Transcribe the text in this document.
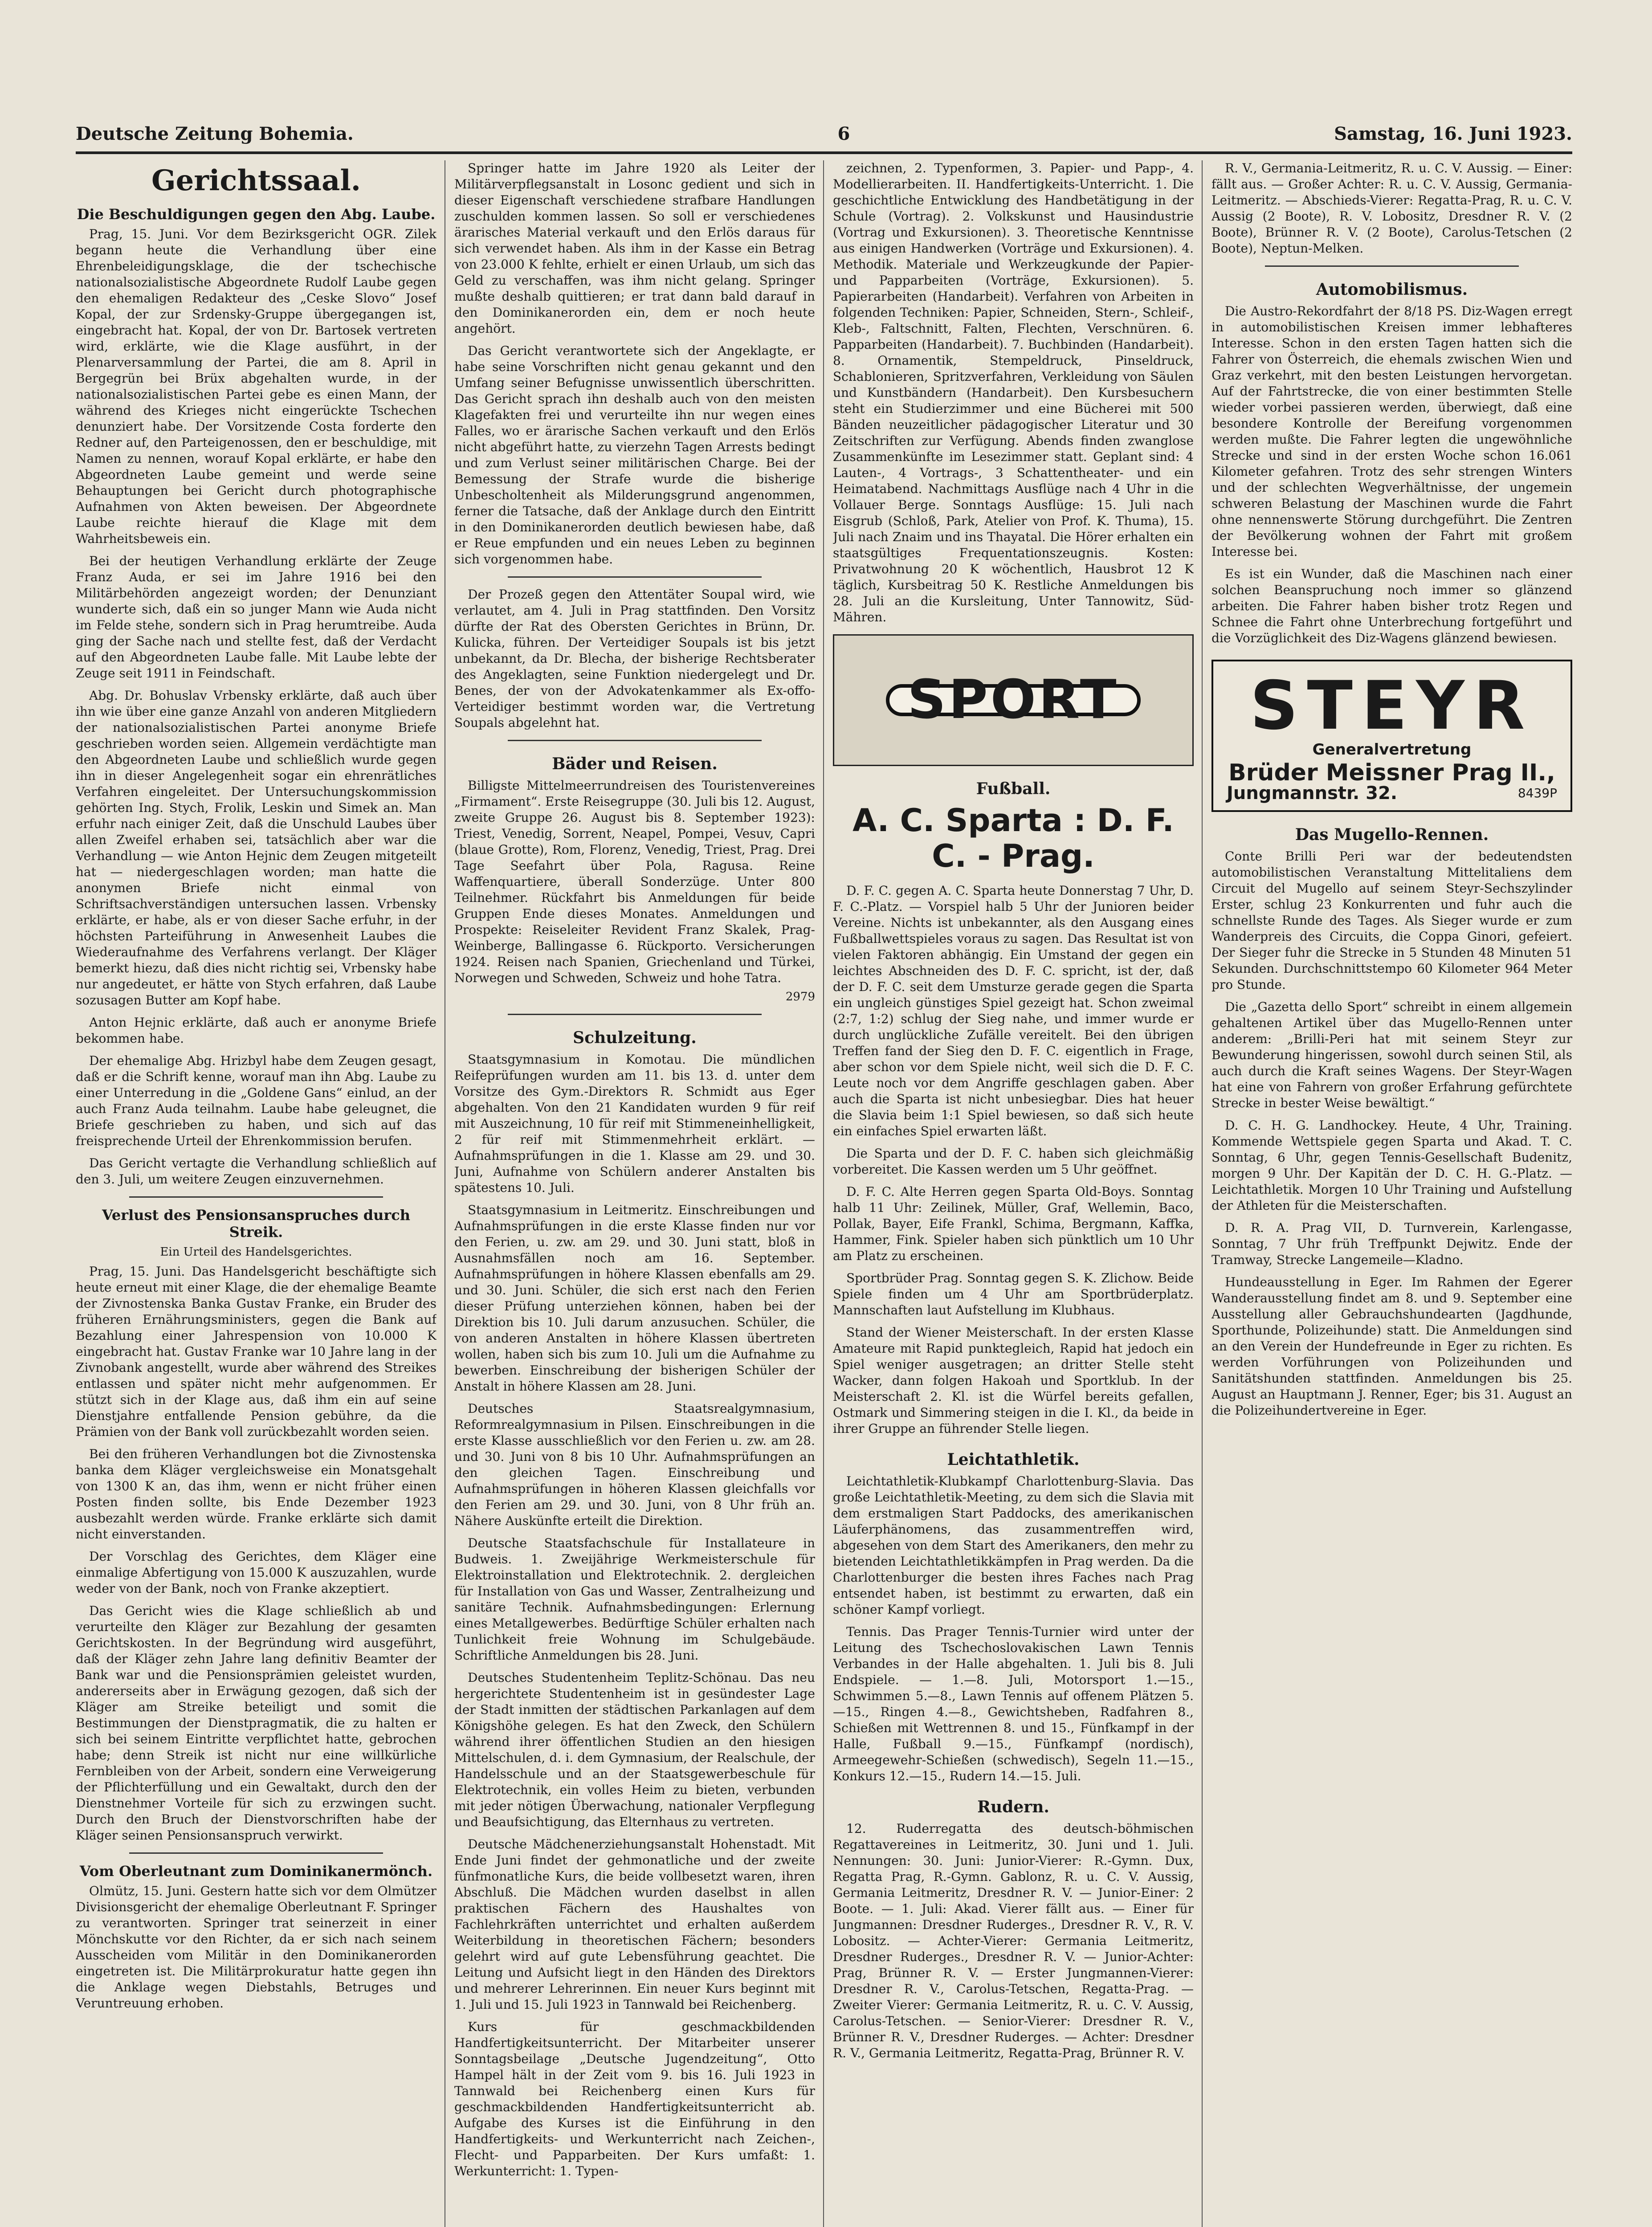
Deutsche Zeitung Bohemia.	6	Samstag, 16. Juni 1923.
Gerichtssaal.
Die Beschuldigungen gegen den Abg. Laube.

Prag, 15. Juni. Vor dem Bezirksgericht OGR. Zilek begann heute die Verhandlung über eine Ehrenbeleidigungsklage, die der tschechische nationalsozialistische Abgeordnete Rudolf Laube gegen den ehemaligen Redakteur des „Ceske Slovo“ Josef Kopal, der zur Srdensky-Gruppe übergegangen ist, eingebracht hat. Kopal, der von Dr. Bartosek vertreten wird, erklärte, wie die Klage ausführt, in der Plenarversammlung der Partei, die am 8. April in Bergegrün bei Brüx abgehalten wurde, in der nationalsozialistischen Partei gebe es einen Mann, der während des Krieges nicht eingerückte Tschechen denunziert habe. Der Vorsitzende Costa forderte den Redner auf, den Parteigenossen, den er beschuldige, mit Namen zu nennen, worauf Kopal erklärte, er habe den Abgeordneten Laube gemeint und werde seine Behauptungen bei Gericht durch photographische Aufnahmen von Akten beweisen. Der Abgeordnete Laube reichte hierauf die Klage mit dem Wahrheitsbeweis ein.

Bei der heutigen Verhandlung erklärte der Zeuge Franz Auda, er sei im Jahre 1916 bei den Militärbehörden angezeigt worden; der Denunziant wunderte sich, daß ein so junger Mann wie Auda nicht im Felde stehe, sondern sich in Prag herumtreibe. Auda ging der Sache nach und stellte fest, daß der Verdacht auf den Abgeordneten Laube falle. Mit Laube lebte der Zeuge seit 1911 in Feindschaft.

Abg. Dr. Bohuslav Vrbensky erklärte, daß auch über ihn wie über eine ganze Anzahl von anderen Mitgliedern der nationalsozialistischen Partei anonyme Briefe geschrieben worden seien. Allgemein verdächtigte man den Abgeordneten Laube und schließlich wurde gegen ihn in dieser Angelegenheit sogar ein ehrenrätliches Verfahren eingeleitet. Der Untersuchungskommission gehörten Ing. Stych, Frolik, Leskin und Simek an. Man erfuhr nach einiger Zeit, daß die Unschuld Laubes über allen Zweifel erhaben sei, tatsächlich aber war die Verhandlung — wie Anton Hejnic dem Zeugen mitgeteilt hat — niedergeschlagen worden; man hatte die anonymen Briefe nicht einmal von Schriftsachverständigen untersuchen lassen. Vrbensky erklärte, er habe, als er von dieser Sache erfuhr, in der höchsten Parteiführung in Anwesenheit Laubes die Wiederaufnahme des Verfahrens verlangt. Der Kläger bemerkt hiezu, daß dies nicht richtig sei, Vrbensky habe nur angedeutet, er hätte von Stych erfahren, daß Laube sozusagen Butter am Kopf habe.

Anton Hejnic erklärte, daß auch er anonyme Briefe bekommen habe.

Der ehemalige Abg. Hrizbyl habe dem Zeugen gesagt, daß er die Schrift kenne, worauf man ihn Abg. Laube zu einer Unterredung in die „Goldene Gans“ einlud, an der auch Franz Auda teilnahm. Laube habe geleugnet, die Briefe geschrieben zu haben, und sich auf das freisprechende Urteil der Ehrenkommission berufen.

Das Gericht vertagte die Verhandlung schließlich auf den 3. Juli, um weitere Zeugen einzuvernehmen.

Verlust des Pensionsanspruches durch Streik.
Ein Urteil des Handelsgerichtes.

Prag, 15. Juni. Das Handelsgericht beschäftigte sich heute erneut mit einer Klage, die der ehemalige Beamte der Zivnostenska Banka Gustav Franke, ein Bruder des früheren Ernährungsministers, gegen die Bank auf Bezahlung einer Jahrespension von 10.000 K eingebracht hat. Gustav Franke war 10 Jahre lang in der Zivnobank angestellt, wurde aber während des Streikes entlassen und später nicht mehr aufgenommen. Er stützt sich in der Klage aus, daß ihm ein auf seine Dienstjahre entfallende Pension gebühre, da die Prämien von der Bank voll zurückbezahlt worden seien.

Bei den früheren Verhandlungen bot die Zivnostenska banka dem Kläger vergleichsweise ein Monatsgehalt von 1300 K an, das ihm, wenn er nicht früher einen Posten finden sollte, bis Ende Dezember 1923 ausbezahlt werden würde. Franke erklärte sich damit nicht einverstanden.

Der Vorschlag des Gerichtes, dem Kläger eine einmalige Abfertigung von 15.000 K auszuzahlen, wurde weder von der Bank, noch von Franke akzeptiert.

Das Gericht wies die Klage schließlich ab und verurteilte den Kläger zur Bezahlung der gesamten Gerichtskosten. In der Begründung wird ausgeführt, daß der Kläger zehn Jahre lang definitiv Beamter der Bank war und die Pensionsprämien geleistet wurden, andererseits aber in Erwägung gezogen, daß sich der Kläger am Streike beteiligt und somit die Bestimmungen der Dienstpragmatik, die zu halten er sich bei seinem Eintritte verpflichtet hatte, gebrochen habe; denn Streik ist nicht nur eine willkürliche Fernbleiben von der Arbeit, sondern eine Verweigerung der Pflichterfüllung und ein Gewaltakt, durch den der Dienstnehmer Vorteile für sich zu erzwingen sucht. Durch den Bruch der Dienstvorschriften habe der Kläger seinen Pensionsanspruch verwirkt.

Vom Oberleutnant zum Dominikanermönch.

Olmütz, 15. Juni. Gestern hatte sich vor dem Olmützer Divisionsgericht der ehemalige Oberleutnant F. Springer zu verantworten. Springer trat seinerzeit in einer Mönchskutte vor den Richter, da er sich nach seinem Ausscheiden vom Militär in den Dominikanerorden eingetreten ist. Die Militärprokuratur hatte gegen ihn die Anklage wegen Diebstahls, Betruges und Veruntreuung erhoben.

Springer hatte im Jahre 1920 als Leiter der Militärverpflegsanstalt in Losonc gedient und sich in dieser Eigenschaft verschiedene strafbare Handlungen zuschulden kommen lassen. So soll er verschiedenes ärarisches Material verkauft und den Erlös daraus für sich verwendet haben. Als ihm in der Kasse ein Betrag von 23.000 K fehlte, erhielt er einen Urlaub, um sich das Geld zu verschaffen, was ihm nicht gelang. Springer mußte deshalb quittieren; er trat dann bald darauf in den Dominikanerorden ein, dem er noch heute angehört.

Das Gericht verantwortete sich der Angeklagte, er habe seine Vorschriften nicht genau gekannt und den Umfang seiner Befugnisse unwissentlich überschritten. Das Gericht sprach ihn deshalb auch von den meisten Klagefakten frei und verurteilte ihn nur wegen eines Falles, wo er ärarische Sachen verkauft und den Erlös nicht abgeführt hatte, zu vierzehn Tagen Arrests bedingt und zum Verlust seiner militärischen Charge. Bei der Bemessung der Strafe wurde die bisherige Unbescholtenheit als Milderungsgrund angenommen, ferner die Tatsache, daß der Anklage durch den Eintritt in den Dominikanerorden deutlich bewiesen habe, daß er Reue empfunden und ein neues Leben zu beginnen sich vorgenommen habe.

Der Prozeß gegen den Attentäter Soupal wird, wie verlautet, am 4. Juli in Prag stattfinden. Den Vorsitz dürfte der Rat des Obersten Gerichtes in Brünn, Dr. Kulicka, führen. Der Verteidiger Soupals ist bis jetzt unbekannt, da Dr. Blecha, der bisherige Rechtsberater des Angeklagten, seine Funktion niedergelegt und Dr. Benes, der von der Advokatenkammer als Ex-offo-Verteidiger bestimmt worden war, die Vertretung Soupals abgelehnt hat.

Bäder und Reisen.

Billigste Mittelmeerrundreisen des Touristenvereines „Firmament“. Erste Reisegruppe (30. Juli bis 12. August, zweite Gruppe 26. August bis 8. September 1923): Triest, Venedig, Sorrent, Neapel, Pompei, Vesuv, Capri (blaue Grotte), Rom, Florenz, Venedig, Triest, Prag. Drei Tage Seefahrt über Pola, Ragusa. Reine Waffenquartiere, überall Sonderzüge. Unter 800 Teilnehmer. Rückfahrt bis Anmeldungen für beide Gruppen Ende dieses Monates. Anmeldungen und Prospekte: Reiseleiter Revident Franz Skalek, Prag-Weinberge, Ballingasse 6. Rückporto. Versicherungen 1924. Reisen nach Spanien, Griechenland und Türkei, Norwegen und Schweden, Schweiz und hohe Tatra.

2979
Schulzeitung.

Staatsgymnasium in Komotau. Die mündlichen Reifeprüfungen wurden am 11. bis 13. d. unter dem Vorsitze des Gym.-Direktors R. Schmidt aus Eger abgehalten. Von den 21 Kandidaten wurden 9 für reif mit Auszeichnung, 10 für reif mit Stimmeneinhelligkeit, 2 für reif mit Stimmenmehrheit erklärt. — Aufnahmsprüfungen in die 1. Klasse am 29. und 30. Juni, Aufnahme von Schülern anderer Anstalten bis spätestens 10. Juli.

Staatsgymnasium in Leitmeritz. Einschreibungen und Aufnahmsprüfungen in die erste Klasse finden nur vor den Ferien, u. zw. am 29. und 30. Juni statt, bloß in Ausnahmsfällen noch am 16. September. Aufnahmsprüfungen in höhere Klassen ebenfalls am 29. und 30. Juni. Schüler, die sich erst nach den Ferien dieser Prüfung unterziehen können, haben bei der Direktion bis 10. Juli darum anzusuchen. Schüler, die von anderen Anstalten in höhere Klassen übertreten wollen, haben sich bis zum 10. Juli um die Aufnahme zu bewerben. Einschreibung der bisherigen Schüler der Anstalt in höhere Klassen am 28. Juni.

Deutsches Staatsrealgymnasium, Reformrealgymnasium in Pilsen. Einschreibungen in die erste Klasse ausschließlich vor den Ferien u. zw. am 28. und 30. Juni von 8 bis 10 Uhr. Aufnahmsprüfungen an den gleichen Tagen. Einschreibung und Aufnahmsprüfungen in höheren Klassen gleichfalls vor den Ferien am 29. und 30. Juni, von 8 Uhr früh an. Nähere Auskünfte erteilt die Direktion.

Deutsche Staatsfachschule für Installateure in Budweis. 1. Zweijährige Werkmeisterschule für Elektroinstallation und Elektrotechnik. 2. dergleichen für Installation von Gas und Wasser, Zentralheizung und sanitäre Technik. Aufnahmsbedingungen: Erlernung eines Metallgewerbes. Bedürftige Schüler erhalten nach Tunlichkeit freie Wohnung im Schulgebäude. Schriftliche Anmeldungen bis 28. Juni.

Deutsches Studentenheim Teplitz-Schönau. Das neu hergerichtete Studentenheim ist in gesündester Lage der Stadt inmitten der städtischen Parkanlagen auf dem Königshöhe gelegen. Es hat den Zweck, den Schülern während ihrer öffentlichen Studien an den hiesigen Mittelschulen, d. i. dem Gymnasium, der Realschule, der Handelsschule und an der Staatsgewerbeschule für Elektrotechnik, ein volles Heim zu bieten, verbunden mit jeder nötigen Überwachung, nationaler Verpflegung und Beaufsichtigung, das Elternhaus zu vertreten.

Deutsche Mädchenerziehungsanstalt Hohenstadt. Mit Ende Juni findet der gehmonatliche und der zweite fünfmonatliche Kurs, die beide vollbesetzt waren, ihren Abschluß. Die Mädchen wurden daselbst in allen praktischen Fächern des Haushaltes von Fachlehrkräften unterrichtet und erhalten außerdem Weiterbildung in theoretischen Fächern; besonders gelehrt wird auf gute Lebensführung geachtet. Die Leitung und Aufsicht liegt in den Händen des Direktors und mehrerer Lehrerinnen. Ein neuer Kurs beginnt mit 1. Juli und 15. Juli 1923 in Tannwald bei Reichenberg.

Kurs für geschmackbildenden Handfertigkeitsunterricht. Der Mitarbeiter unserer Sonntagsbeilage „Deutsche Jugendzeitung“, Otto Hampel hält in der Zeit vom 9. bis 16. Juli 1923 in Tannwald bei Reichenberg einen Kurs für geschmackbildenden Handfertigkeitsunterricht ab. Aufgabe des Kurses ist die Einführung in den Handfertigkeits- und Werkunterricht nach Zeichen-, Flecht- und Papparbeiten. Der Kurs umfaßt: 1. Werkunterricht: 1. Typen-

zeichnen, 2. Typenformen, 3. Papier- und Papp-, 4. Modellierarbeiten. II. Handfertigkeits-Unterricht. 1. Die geschichtliche Entwicklung des Handbetätigung in der Schule (Vortrag). 2. Volkskunst und Hausindustrie (Vortrag und Exkursionen). 3. Theoretische Kenntnisse aus einigen Handwerken (Vorträge und Exkursionen). 4. Methodik. Materiale und Werkzeugkunde der Papier- und Papparbeiten (Vorträge, Exkursionen). 5. Papierarbeiten (Handarbeit). Verfahren von Arbeiten in folgenden Techniken: Papier, Schneiden, Stern-, Schleif-, Kleb-, Faltschnitt, Falten, Flechten, Verschnüren. 6. Papparbeiten (Handarbeit). 7. Buchbinden (Handarbeit). 8. Ornamentik, Stempeldruck, Pinseldruck, Schablonieren, Spritzverfahren, Verkleidung von Säulen und Kunstbändern (Handarbeit). Den Kursbesuchern steht ein Studierzimmer und eine Bücherei mit 500 Bänden neuzeitlicher pädagogischer Literatur und 30 Zeitschriften zur Verfügung. Abends finden zwanglose Zusammenkünfte im Lesezimmer statt. Geplant sind: 4 Lauten-, 4 Vortrags-, 3 Schattentheater- und ein Heimatabend. Nachmittags Ausflüge nach 4 Uhr in die Vollauer Berge. Sonntags Ausflüge: 15. Juli nach Eisgrub (Schloß, Park, Atelier von Prof. K. Thuma), 15. Juli nach Znaim und ins Thayatal. Die Hörer erhalten ein staatsgültiges Frequentationszeugnis. Kosten: Privatwohnung 20 K wöchentlich, Hausbrot 12 K täglich, Kursbeitrag 50 K. Restliche Anmeldungen bis 28. Juli an die Kursleitung, Unter Tannowitz, Süd-Mähren.

SPORT
Fußball.
A. C. Sparta : D. F. C. - Prag.

D. F. C. gegen A. C. Sparta heute Donnerstag 7 Uhr, D. F. C.-Platz. — Vorspiel halb 5 Uhr der Junioren beider Vereine. Nichts ist unbekannter, als den Ausgang eines Fußballwettspieles voraus zu sagen. Das Resultat ist von vielen Faktoren abhängig. Ein Umstand der gegen ein leichtes Abschneiden des D. F. C. spricht, ist der, daß der D. F. C. seit dem Umsturze gerade gegen die Sparta ein ungleich günstiges Spiel gezeigt hat. Schon zweimal (2:7, 1:2) schlug der Sieg nahe, und immer wurde er durch unglückliche Zufälle vereitelt. Bei den übrigen Treffen fand der Sieg den D. F. C. eigentlich in Frage, aber schon vor dem Spiele nicht, weil sich die D. F. C. Leute noch vor dem Angriffe geschlagen gaben. Aber auch die Sparta ist nicht unbesiegbar. Dies hat heuer die Slavia beim 1:1 Spiel bewiesen, so daß sich heute ein einfaches Spiel erwarten läßt.

Die Sparta und der D. F. C. haben sich gleichmäßig vorbereitet. Die Kassen werden um 5 Uhr geöffnet.

D. F. C. Alte Herren gegen Sparta Old-Boys. Sonntag halb 11 Uhr: Zeilinek, Müller, Graf, Wellemin, Baco, Pollak, Bayer, Eife Frankl, Schima, Bergmann, Kaffka, Hammer, Fink. Spieler haben sich pünktlich um 10 Uhr am Platz zu erscheinen.

Sportbrüder Prag. Sonntag gegen S. K. Zlichow. Beide Spiele finden um 4 Uhr am Sportbrüderplatz. Mannschaften laut Aufstellung im Klubhaus.

Stand der Wiener Meisterschaft. In der ersten Klasse Amateure mit Rapid punktegleich, Rapid hat jedoch ein Spiel weniger ausgetragen; an dritter Stelle steht Wacker, dann folgen Hakoah und Sportklub. In der Meisterschaft 2. Kl. ist die Würfel bereits gefallen, Ostmark und Simmering steigen in die I. Kl., da beide in ihrer Gruppe an führender Stelle liegen.

Leichtathletik.

Leichtathletik-Klubkampf Charlottenburg-Slavia. Das große Leichtathletik-Meeting, zu dem sich die Slavia mit dem erstmaligen Start Paddocks, des amerikanischen Läuferphänomens, das zusammentreffen wird, abgesehen von dem Start des Amerikaners, den mehr zu bietenden Leichtathletikkämpfen in Prag werden. Da die Charlottenburger die besten ihres Faches nach Prag entsendet haben, ist bestimmt zu erwarten, daß ein schöner Kampf vorliegt.

Tennis. Das Prager Tennis-Turnier wird unter der Leitung des Tschechoslovakischen Lawn Tennis Verbandes in der Halle abgehalten. 1. Juli bis 8. Juli Endspiele. — 1.—8. Juli, Motorsport 1.—15., Schwimmen 5.—8., Lawn Tennis auf offenem Plätzen 5.—15., Ringen 4.—8., Gewichtsheben, Radfahren 8., Schießen mit Wettrennen 8. und 15., Fünfkampf in der Halle, Fußball 9.—15., Fünfkampf (nordisch), Armeegewehr-Schießen (schwedisch), Segeln 11.—15., Konkurs 12.—15., Rudern 14.—15. Juli.

Rudern.

12. Ruderregatta des deutsch-böhmischen Regattavereines in Leitmeritz, 30. Juni und 1. Juli. Nennungen: 30. Juni: Junior-Vierer: R.-Gymn. Dux, Regatta Prag, R.-Gymn. Gablonz, R. u. C. V. Aussig, Germania Leitmeritz, Dresdner R. V. — Junior-Einer: 2 Boote. — 1. Juli: Akad. Vierer fällt aus. — Einer für Jungmannen: Dresdner Ruderges., Dresdner R. V., R. V. Lobositz. — Achter-Vierer: Germania Leitmeritz, Dresdner Ruderges., Dresdner R. V. — Junior-Achter: Prag, Brünner R. V. — Erster Jungmannen-Vierer: Dresdner R. V., Carolus-Tetschen, Regatta-Prag. — Zweiter Vierer: Germania Leitmeritz, R. u. C. V. Aussig, Carolus-Tetschen. — Senior-Vierer: Dresdner R. V., Brünner R. V., Dresdner Ruderges. — Achter: Dresdner R. V., Germania Leitmeritz, Regatta-Prag, Brünner R. V.

R. V., Germania-Leitmeritz, R. u. C. V. Aussig. — Einer: fällt aus. — Großer Achter: R. u. C. V. Aussig, Germania-Leitmeritz. — Abschieds-Vierer: Regatta-Prag, R. u. C. V. Aussig (2 Boote), R. V. Lobositz, Dresdner R. V. (2 Boote), Brünner R. V. (2 Boote), Carolus-Tetschen (2 Boote), Neptun-Melken.

Automobilismus.

Die Austro-Rekordfahrt der 8/18 PS. Diz-Wagen erregt in automobilistischen Kreisen immer lebhafteres Interesse. Schon in den ersten Tagen hatten sich die Fahrer von Österreich, die ehemals zwischen Wien und Graz verkehrt, mit den besten Leistungen hervorgetan. Auf der Fahrtstrecke, die von einer bestimmten Stelle wieder vorbei passieren werden, überwiegt, daß eine besondere Kontrolle der Bereifung vorgenommen werden mußte. Die Fahrer legten die ungewöhnliche Strecke und sind in der ersten Woche schon 16.061 Kilometer gefahren. Trotz des sehr strengen Winters und der schlechten Wegverhältnisse, der ungemein schweren Belastung der Maschinen wurde die Fahrt ohne nennenswerte Störung durchgeführt. Die Zentren der Bevölkerung wohnen der Fahrt mit großem Interesse bei.

Es ist ein Wunder, daß die Maschinen nach einer solchen Beanspruchung noch immer so glänzend arbeiten. Die Fahrer haben bisher trotz Regen und Schnee die Fahrt ohne Unterbrechung fortgeführt und die Vorzüglichkeit des Diz-Wagens glänzend bewiesen.

STEYR
Generalvertretung
Brüder Meissner Prag II.,
Jungmannstr. 32.	8439P
Das Mugello-Rennen.

Conte Brilli Peri war der bedeutendsten automobilistischen Veranstaltung Mittelitaliens dem Circuit del Mugello auf seinem Steyr-Sechszylinder Erster, schlug 23 Konkurrenten und fuhr auch die schnellste Runde des Tages. Als Sieger wurde er zum Wanderpreis des Circuits, die Coppa Ginori, gefeiert. Der Sieger fuhr die Strecke in 5 Stunden 48 Minuten 51 Sekunden. Durchschnittstempo 60 Kilometer 964 Meter pro Stunde.

Die „Gazetta dello Sport“ schreibt in einem allgemein gehaltenen Artikel über das Mugello-Rennen unter anderem: „Brilli-Peri hat mit seinem Steyr zur Bewunderung hingerissen, sowohl durch seinen Stil, als auch durch die Kraft seines Wagens. Der Steyr-Wagen hat eine von Fahrern von großer Erfahrung gefürchtete Strecke in bester Weise bewältigt.“

D. C. H. G. Landhockey. Heute, 4 Uhr, Training. Kommende Wettspiele gegen Sparta und Akad. T. C. Sonntag, 6 Uhr, gegen Tennis-Gesellschaft Budenitz, morgen 9 Uhr. Der Kapitän der D. C. H. G.-Platz. — Leichtathletik. Morgen 10 Uhr Training und Aufstellung der Athleten für die Meisterschaften.

D. R. A. Prag VII, D. Turnverein, Karlengasse, Sonntag, 7 Uhr früh Treffpunkt Dejwitz. Ende der Tramway, Strecke Langemeile—Kladno.

Hundeausstellung in Eger. Im Rahmen der Egerer Wanderausstellung findet am 8. und 9. September eine Ausstellung aller Gebrauchshundearten (Jagdhunde, Sporthunde, Polizeihunde) statt. Die Anmeldungen sind an den Verein der Hundefreunde in Eger zu richten. Es werden Vorführungen von Polizeihunden und Sanitätshunden stattfinden. Anmeldungen bis 25. August an Hauptmann J. Renner, Eger; bis 31. August an die Polizeihundertvereine in Eger.
